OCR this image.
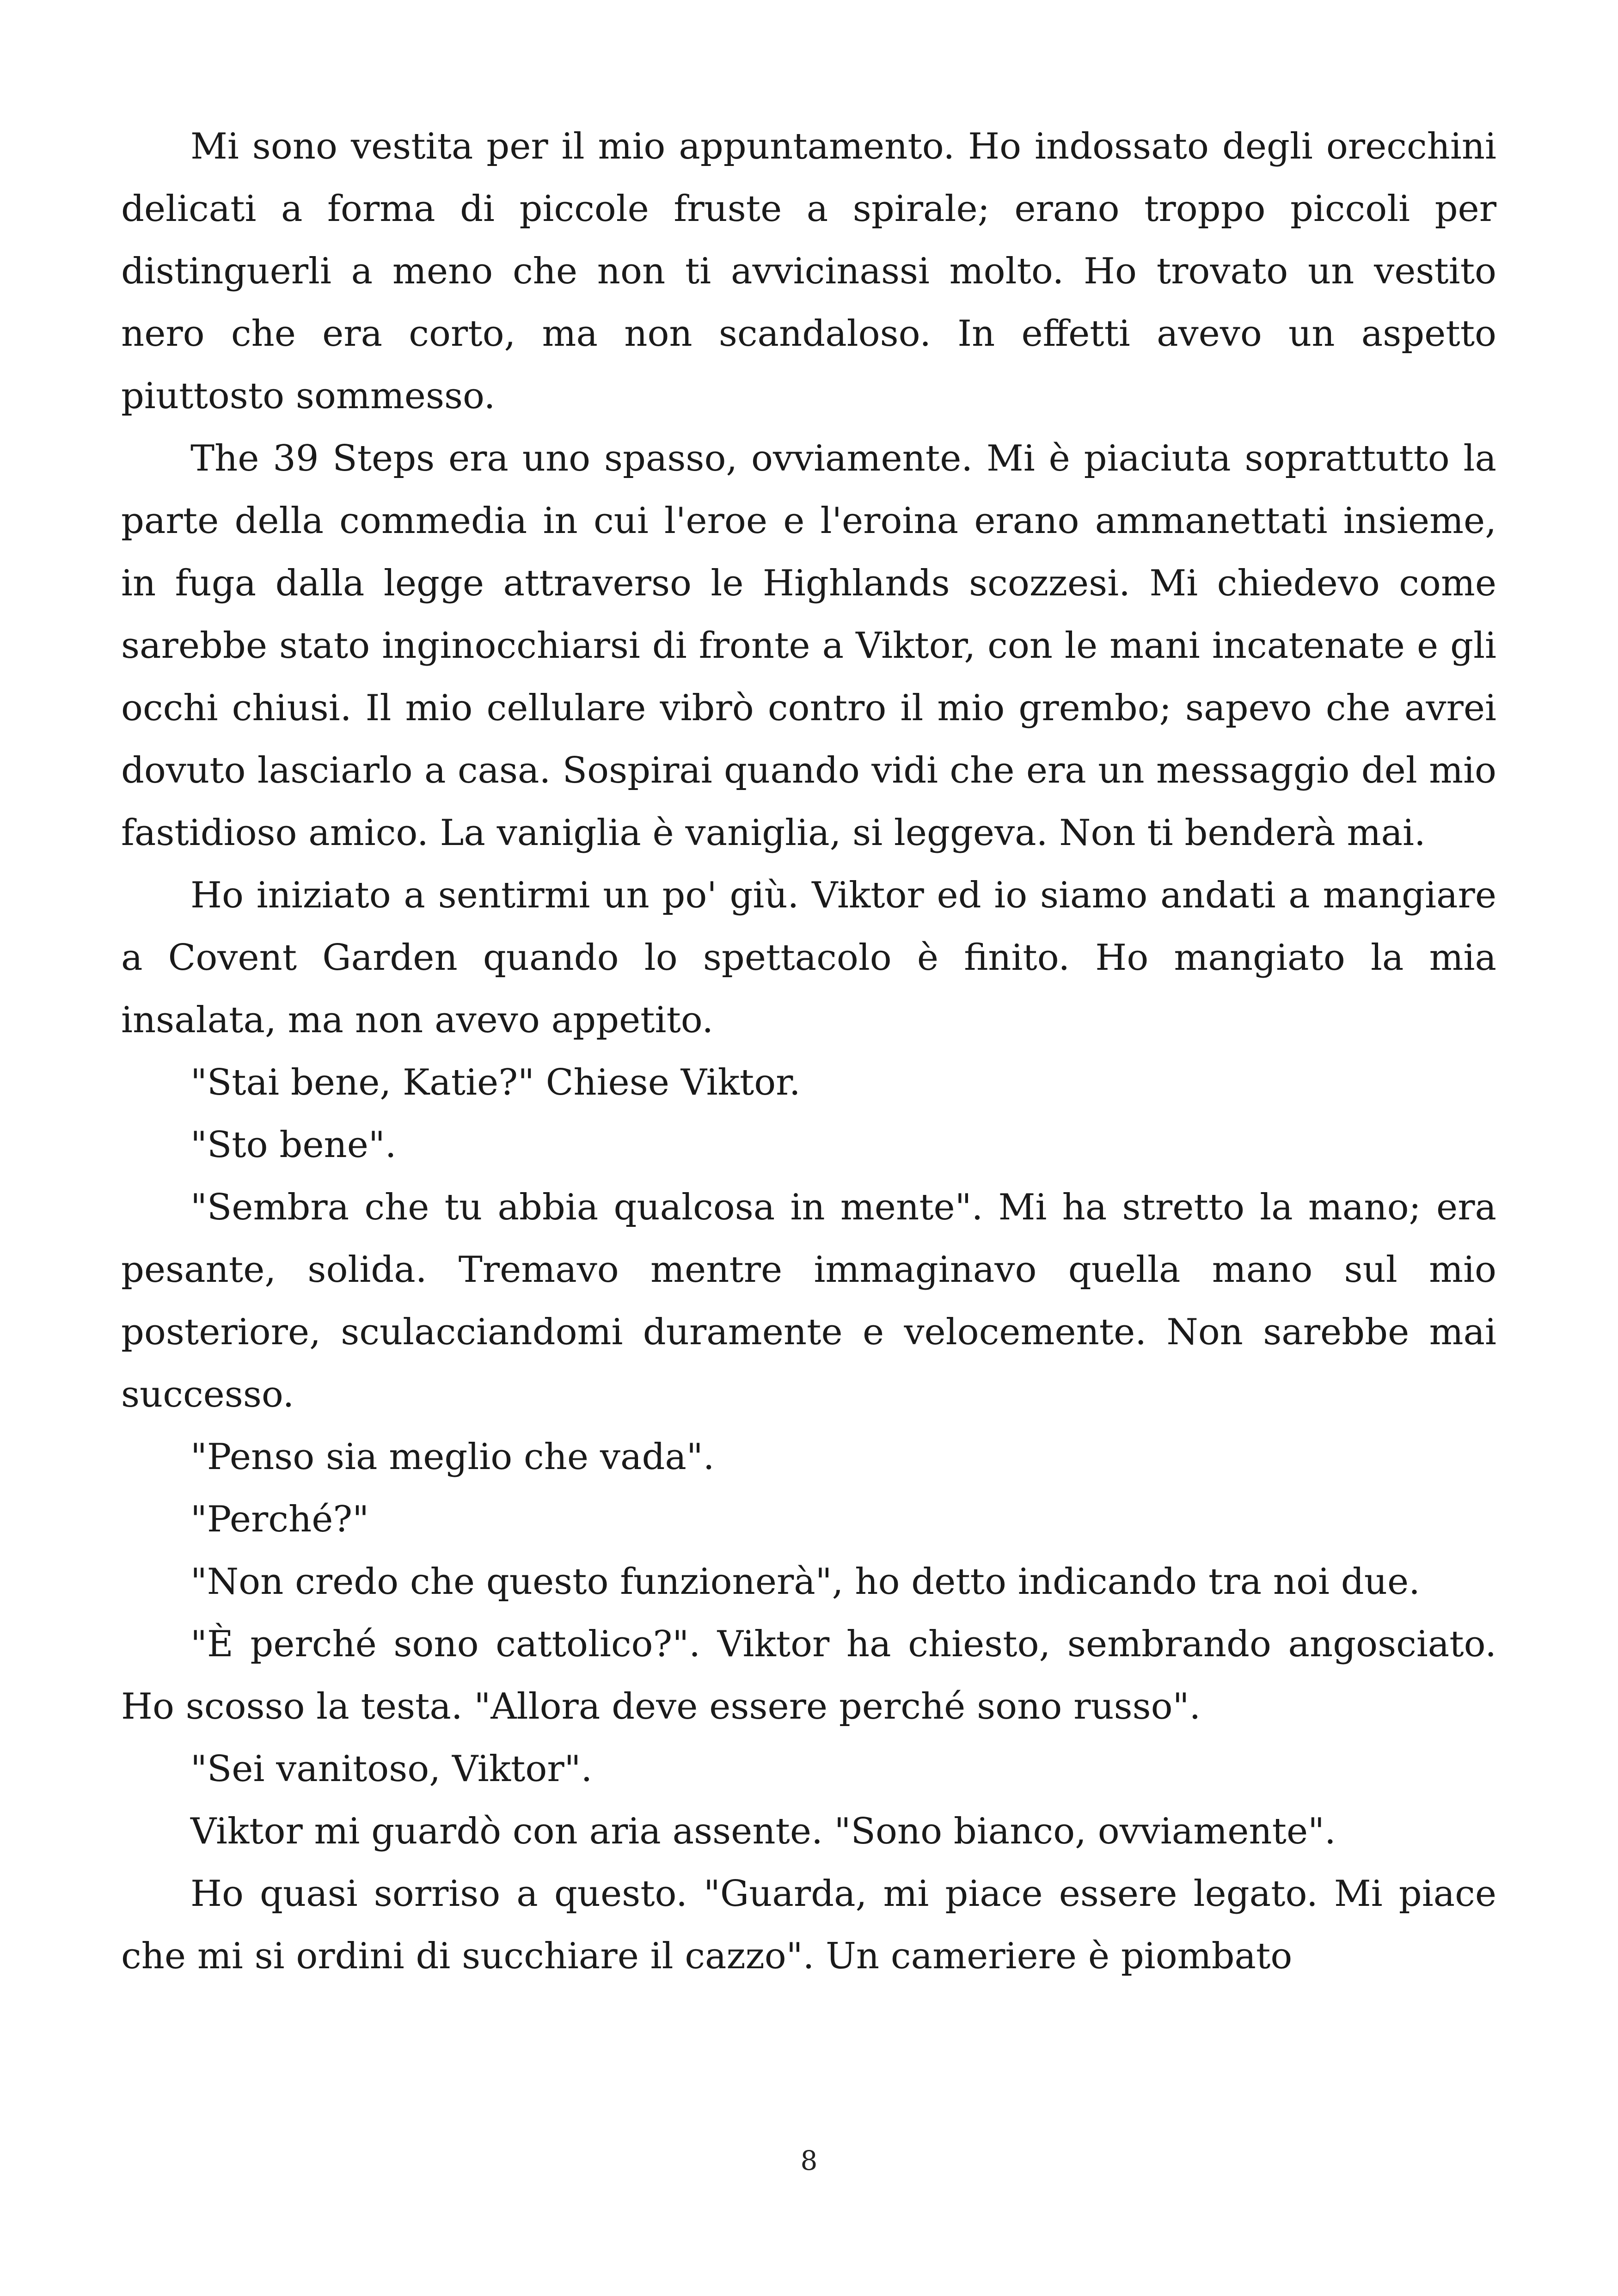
Mi sono vestita per il mio appuntamento. Ho indossato degli orecchini delicati a forma di piccole fruste a spirale; erano troppo piccoli per distinguerli a meno che non ti avvicinassi molto. Ho trovato un vestito nero che era corto, ma non scandaloso. In effetti avevo un aspetto piuttosto sommesso.

The 39 Steps era uno spasso, ovviamente. Mi è piaciuta soprattutto la parte della commedia in cui l'eroe e l'eroina erano ammanettati insieme, in fuga dalla legge attraverso le Highlands scozzesi. Mi chiedevo come sarebbe stato inginocchiarsi di fronte a Viktor, con le mani incatenate e gli occhi chiusi. Il mio cellulare vibrò contro il mio grembo; sapevo che avrei dovuto lasciarlo a casa. Sospirai quando vidi che era un messaggio del mio fastidioso amico. La vaniglia è vaniglia, si leggeva. Non ti benderà mai.

Ho iniziato a sentirmi un po' giù. Viktor ed io siamo andati a mangiare a Covent Garden quando lo spettacolo è finito. Ho mangiato la mia insalata, ma non avevo appetito.

"Stai bene, Katie?" Chiese Viktor.

"Sto bene".

"Sembra che tu abbia qualcosa in mente". Mi ha stretto la mano; era pesante, solida. Tremavo mentre immaginavo quella mano sul mio posteriore, sculacciandomi duramente e velocemente. Non sarebbe mai successo.

"Penso sia meglio che vada".

"Perché?"

"Non credo che questo funzionerà", ho detto indicando tra noi due.

"È perché sono cattolico?". Viktor ha chiesto, sembrando angosciato. Ho scosso la testa. "Allora deve essere perché sono russo".

"Sei vanitoso, Viktor".

Viktor mi guardò con aria assente. "Sono bianco, ovviamente".

Ho quasi sorriso a questo. "Guarda, mi piace essere legato. Mi piace che mi si ordini di succhiare il cazzo". Un cameriere è piombato

8
